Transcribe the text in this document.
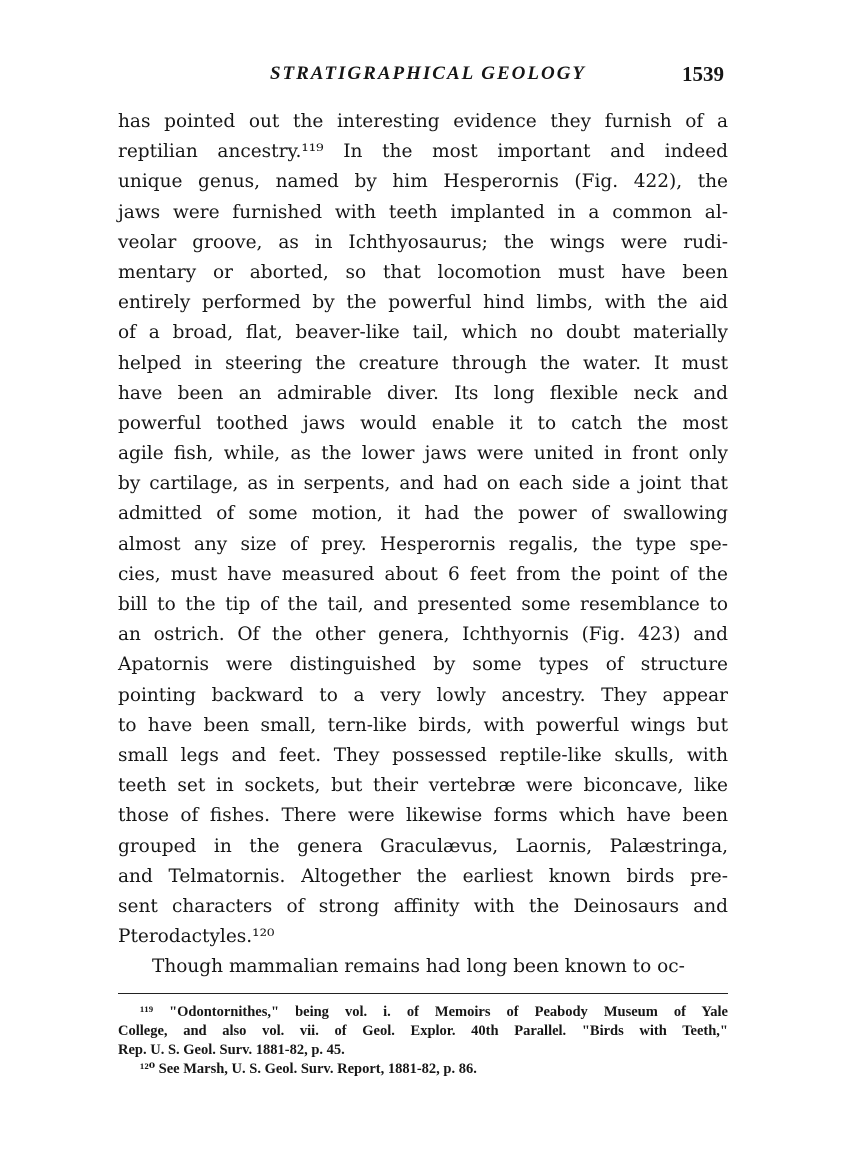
STRATIGRAPHICAL GEOLOGY	1539
has pointed out the interesting evidence they furnish of a
reptilian ancestry.¹¹⁹ In the most important and indeed
unique genus, named by him Hesperornis (Fig. 422), the
jaws were furnished with teeth implanted in a common al-
veolar groove, as in Ichthyosaurus; the wings were rudi-
mentary or aborted, so that locomotion must have been
entirely performed by the powerful hind limbs, with the aid
of a broad, flat, beaver-like tail, which no doubt materially
helped in steering the creature through the water. It must
have been an admirable diver. Its long flexible neck and
powerful toothed jaws would enable it to catch the most
agile fish, while, as the lower jaws were united in front only
by cartilage, as in serpents, and had on each side a joint that
admitted of some motion, it had the power of swallowing
almost any size of prey. Hesperornis regalis, the type spe-
cies, must have measured about 6 feet from the point of the
bill to the tip of the tail, and presented some resemblance to
an ostrich. Of the other genera, Ichthyornis (Fig. 423) and
Apatornis were distinguished by some types of structure
pointing backward to a very lowly ancestry. They appear
to have been small, tern-like birds, with powerful wings but
small legs and feet. They possessed reptile-like skulls, with
teeth set in sockets, but their vertebræ were biconcave, like
those of fishes. There were likewise forms which have been
grouped in the genera Graculævus, Laornis, Palæstringa,
and Telmatornis. Altogether the earliest known birds pre-
sent characters of strong affinity with the Deinosaurs and
Pterodactyles.¹²⁰
Though mammalian remains had long been known to oc-
¹¹⁹ "Odontornithes," being vol. i. of Memoirs of Peabody Museum of Yale
College, and also vol. vii. of Geol. Explor. 40th Parallel. "Birds with Teeth,"
Rep. U. S. Geol. Surv. 1881-82, p. 45.
¹²⁰ See Marsh, U. S. Geol. Surv. Report, 1881-82, p. 86.
